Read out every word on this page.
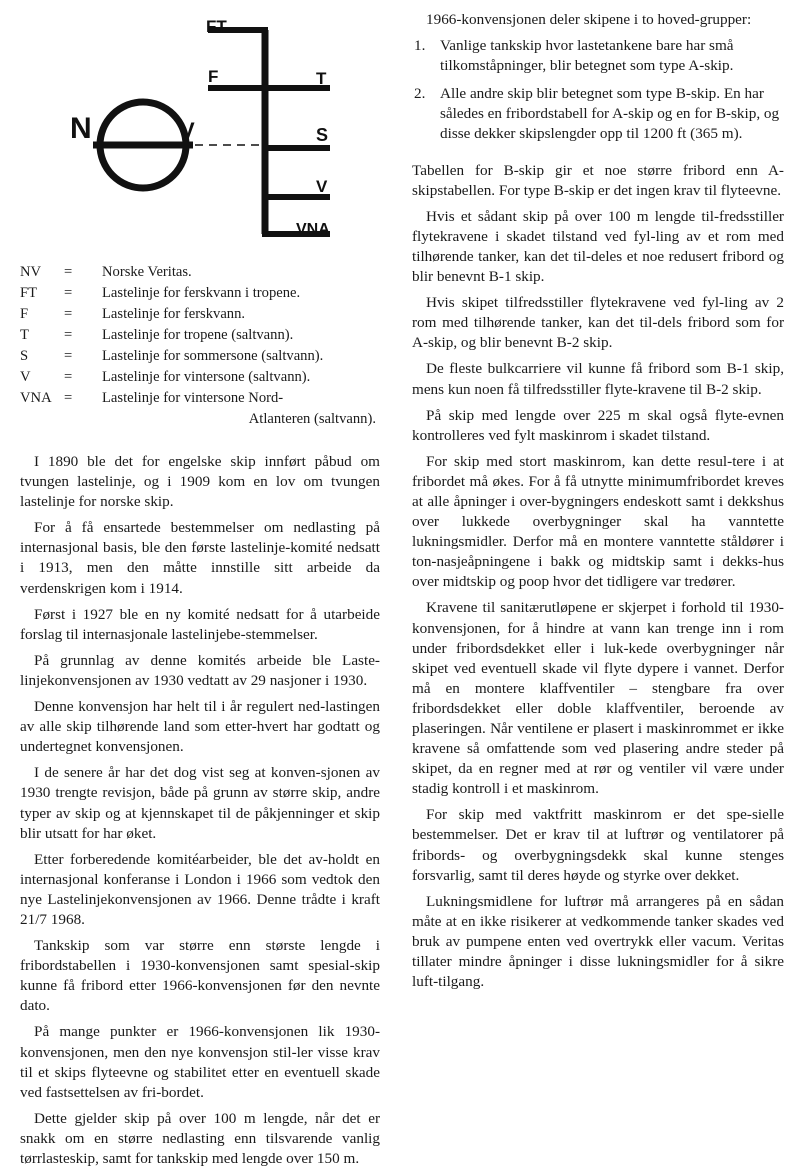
FT
F	T
N	V	S
V
VNA
NV	=	Norske Veritas.
FT	=	Lastelinje for ferskvann i tropene.
F	=	Lastelinje for ferskvann.
T	=	Lastelinje for tropene (saltvann).
S	=	Lastelinje for sommersone (saltvann).
V	=	Lastelinje for vintersone (saltvann).
VNA =	Lastelinje for vintersone Nord-
Atlanteren (saltvann).

I 1890 ble det for engelske skip innført påbud om tvungen lastelinje, og i 1909 kom en lov om tvungen lastelinje for norske skip.

For å få ensartede bestemmelser om nedlasting på internasjonal basis, ble den første lastelinje-komité nedsatt i 1913, men den måtte innstille sitt arbeide da verdenskrigen kom i 1914.

Først i 1927 ble en ny komité nedsatt for å utarbeide forslag til internasjonale lastelinjebe-stemmelser.

På grunnlag av denne komités arbeide ble Laste-linjekonvensjonen av 1930 vedtatt av 29 nasjoner i 1930.

Denne konvensjon har helt til i år regulert ned-lastingen av alle skip tilhørende land som etter-hvert har godtatt og undertegnet konvensjonen.

I de senere år har det dog vist seg at konven-sjonen av 1930 trengte revisjon, både på grunn av større skip, andre typer av skip og at kjennskapet til de påkjenninger et skip blir utsatt for har øket.

Etter forberedende komitéarbeider, ble det av-holdt en internasjonal konferanse i London i 1966 som vedtok den nye Lastelinjekonvensjonen av 1966. Denne trådte i kraft 21/7 1968.

Tankskip som var større enn største lengde i fribordstabellen i 1930-konvensjonen samt spesial-skip kunne få fribord etter 1966-konvensjonen før den nevnte dato.

På mange punkter er 1966-konvensjonen lik 1930-konvensjonen, men den nye konvensjon stil-ler visse krav til et skips flyteevne og stabilitet etter en eventuell skade ved fastsettelsen av fri-bordet.

Dette gjelder skip på over 100 m lengde, når det er snakk om en større nedlasting enn tilsvarende vanlig tørrlasteskip, samt for tankskip med lengde over 150 m.

1966-konvensjonen deler skipene i to hoved-grupper:

1. Vanlige tankskip hvor lastetankene bare har små tilkomståpninger, blir betegnet som type A-skip.
2. Alle andre skip blir betegnet som type B-skip. En har således en fribordstabell for A-skip og en for B-skip, og disse dekker skipslengder opp til 1200 ft (365 m).

Tabellen for B-skip gir et noe større fribord enn A-skipstabellen. For type B-skip er det ingen krav til flyteevne.

Hvis et sådant skip på over 100 m lengde til-fredsstiller flytekravene i skadet tilstand ved fyl-ling av et rom med tilhørende tanker, kan det til-deles et noe redusert fribord og blir benevnt B-1 skip.

Hvis skipet tilfredsstiller flytekravene ved fyl-ling av 2 rom med tilhørende tanker, kan det til-dels fribord som for A-skip, og blir benevnt B-2 skip.

De fleste bulkcarriere vil kunne få fribord som B-1 skip, mens kun noen få tilfredsstiller flyte-kravene til B-2 skip.

På skip med lengde over 225 m skal også flyte-evnen kontrolleres ved fylt maskinrom i skadet tilstand.

For skip med stort maskinrom, kan dette resul-tere i at fribordet må økes. For å få utnytte minimumfribordet kreves at alle åpninger i over-bygningers endeskott samt i dekkshus over lukkede overbygninger skal ha vanntette lukningsmidler. Derfor må en montere vanntette ståldører i ton-nasjeåpningene i bakk og midtskip samt i dekks-hus over midtskip og poop hvor det tidligere var tredører.

Kravene til sanitærutløpene er skjerpet i forhold til 1930-konvensjonen, for å hindre at vann kan trenge inn i rom under fribordsdekket eller i luk-kede overbygninger når skipet ved eventuell skade vil flyte dypere i vannet. Derfor må en montere klaffventiler – stengbare fra over fribordsdekket eller doble klaffventiler, beroende av plaseringen. Når ventilene er plasert i maskinrommet er ikke kravene så omfattende som ved plasering andre steder på skipet, da en regner med at rør og ventiler vil være under stadig kontroll i et maskinrom.

For skip med vaktfritt maskinrom er det spe-sielle bestemmelser. Det er krav til at luftrør og ventilatorer på fribords- og overbygningsdekk skal kunne stenges forsvarlig, samt til deres høyde og styrke over dekket.

Lukningsmidlene for luftrør må arrangeres på en sådan måte at en ikke risikerer at vedkommende tanker skades ved bruk av pumpene enten ved overtrykk eller vacum. Veritas tillater mindre åpninger i disse lukningsmidler for å sikre luft-tilgang.
